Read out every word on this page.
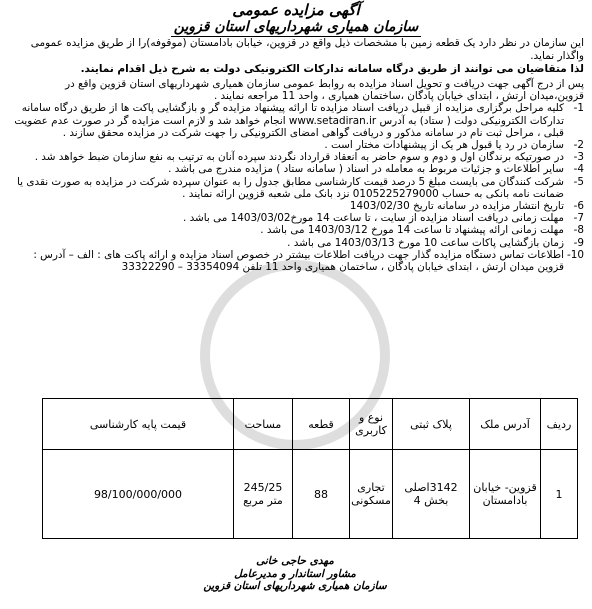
آگهی مزایده عمومی
سازمان همیاری شهرداریهای استان قزوین
این سازمان در نظر دارد یک قطعه زمین با مشخصات ذیل واقع در قزوین، خیابان بادامستان (موقوفه)را از طریق مزایده عمومی واگذار نماید.
لذا متقاضیان می توانند از طریق درگاه سامانه تدارکات الکترونیکی دولت به شرح ذیل اقدام نمایند.
پس از درج آگهی جهت دریافت و تحویل اسناد مزایده به روابط عمومی سازمان همیاری شهرداریهای استان قزوین واقع در قزوین،میدان ارتش ، ابتدای خیابان پادگان ،ساختمان همیاری ، واحد 11 مراجعه نمایند .
1-
کلیه مراحل برگزاری مزایده از قبیل دریافت اسناد مزایده تا ارائه پیشنهاد مزایده گر و بازگشایی پاکت ها از طریق درگاه سامانه تدارکات الکترونیکی دولت ( ستاد) به آدرس www.setadiran.ir انجام خواهد شد و لازم است مزایده گر در صورت عدم عضویت قبلی ، مراحل ثبت نام در سامانه مذکور و دریافت گواهی امضای الکترونیکی را جهت شرکت در مزایده محقق سازند .
2-
سازمان در رد یا قبول هر یک از پیشنهادات مختار است .
3-
در صورتیکه برندگان اول و دوم و سوم حاضر به انعقاد قرارداد نگردند سپرده آنان به ترتیب به نفع سازمان ضبط خواهد شد .
4-
سایر اطلاعات و جزئیات مربوط به معامله در اسناد ( سامانه ستاد ) مزایده مندرج می باشد .
5-
شرکت کنندگان می بایست مبلغ 5 درصد قیمت کارشناسی مطابق جدول را به عنوان سپرده شرکت در مزایده به صورت نقدی یا ضمانت نامه بانکی به حساب 0105225279000 نزد بانک ملی شعبه قزوین ارائه نمایند .
6-
تاریخ انتشار مزایده در سامانه تاریخ 1403/02/30
7-
مهلت زمانی دریافت اسناد مزایده از سایت ، تا ساعت 14 مورخ1403/03/02 می باشد .
8-
مهلت زمانی ارائه پیشنهاد تا ساعت 14 مورخ 1403/03/12 می باشد .
9-
زمان بازگشایی پاکات ساعت 10 مورخ 1403/03/13 می باشد .
10-
اطلاعات تماس دستگاه مزایده گذار جهت دریافت اطلاعات بیشتر در خصوص اسناد مزایده و ارائه پاکت های : الف – آدرس : قزوین میدان ارتش ، ابتدای خیابان پادگان ، ساختمان همیاری واحد 11 تلفن 33354094 – 33322290
ردیف	آدرس ملک	پلاک ثبتی	نوع و کاربری	قطعه	مساحت	قیمت پایه کارشناسی
1	قزوین- خیابان بادامستان	3142اصلی بخش 4	تجاری مسکونی	88	245/25 متر مربع	98/100/000/000
مهدی حاجی خانی
مشاور استاندار و مدیرعامل
سازمان همیاری شهرداریهای استان قزوین
